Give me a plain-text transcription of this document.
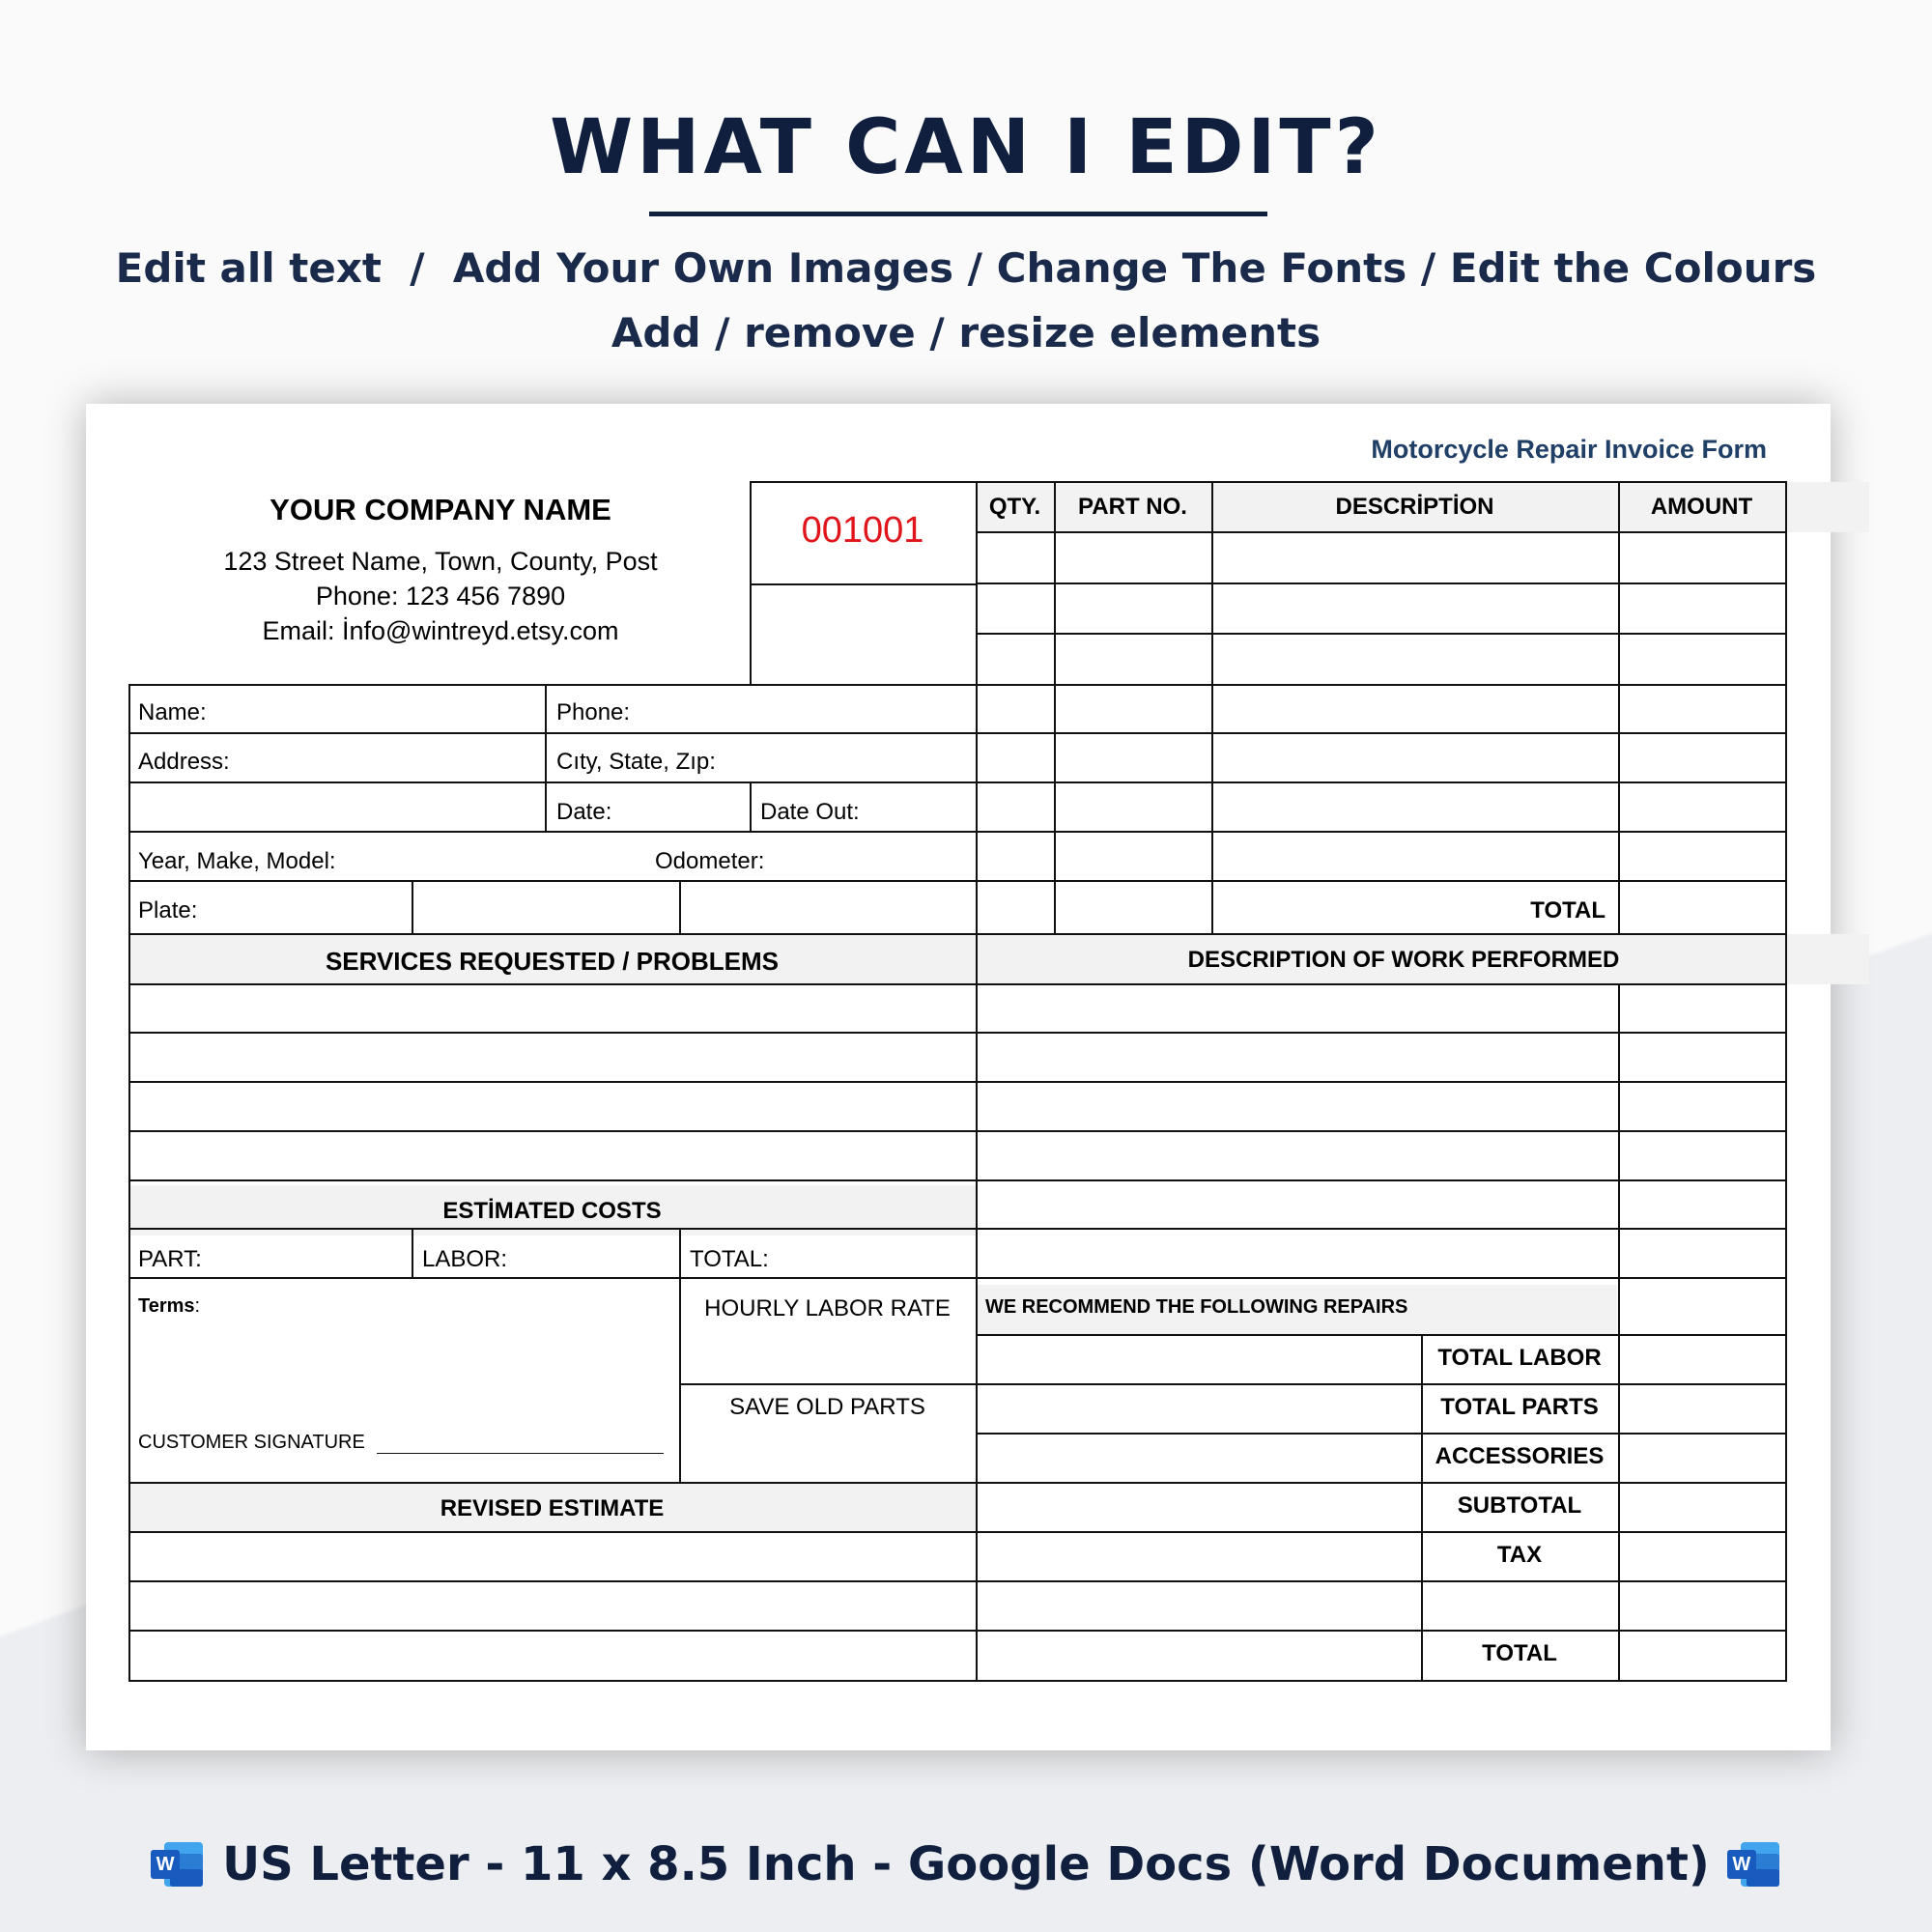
WHAT CAN I EDIT?
Edit all text  /  Add Your Own Images / Change The Fonts / Edit the Colours
Add / remove / resize elements
Motorcycle Repair Invoice Form
YOUR COMPANY NAME
123 Street Name, Town, County, Post
Phone: 123 456 7890
Email: İnfo@wintreyd.etsy.com
001001
QTY.	PART NO.	DESCRİPTİON	AMOUNT
TOTAL
Name:	Phone:
Address:	Cıty, State, Zıp:
Date:	Date Out:
Year, Make, Model:	Odometer:
Plate:
SERVICES REQUESTED / PROBLEMS	DESCRIPTION OF WORK PERFORMED
ESTİMATED COSTS
PART:	LABOR:	TOTAL:
Terms:
CUSTOMER SIGNATURE
HOURLY LABOR RATE
SAVE OLD PARTS
WE RECOMMEND THE FOLLOWING REPAIRS
TOTAL LABOR
TOTAL PARTS
ACCESSORIES
SUBTOTAL
TAX
TOTAL
REVISED ESTIMATE
W US Letter - 11 x 8.5 Inch - Google Docs (Word Document) W
